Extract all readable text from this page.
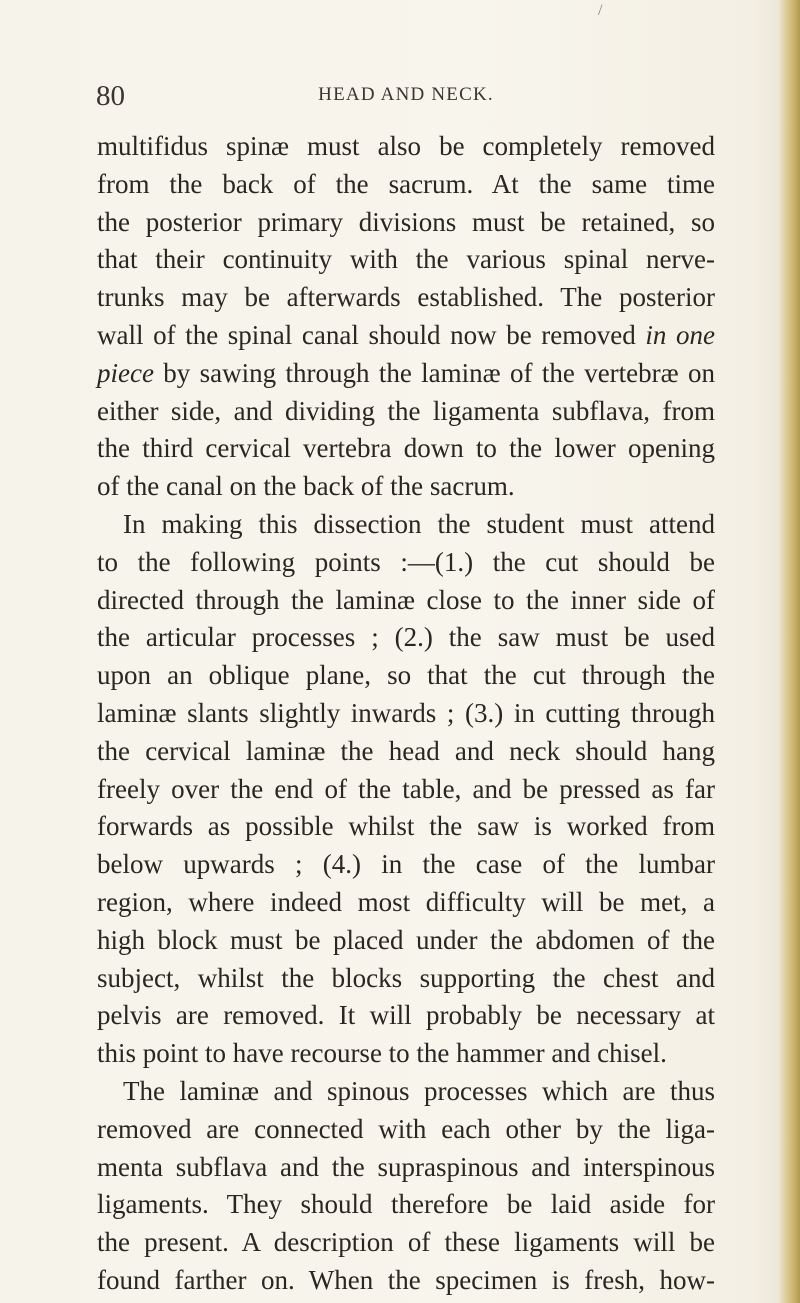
/
80	HEAD AND NECK.
multifidus spinæ must also be completely removed
from the back of the sacrum. At the same time
the posterior primary divisions must be retained, so
that their continuity with the various spinal nerve-
trunks may be afterwards established. The posterior
wall of the spinal canal should now be removed in one
piece by sawing through the laminæ of the vertebræ on
either side, and dividing the ligamenta subflava, from
the third cervical vertebra down to the lower opening
of the canal on the back of the sacrum.
In making this dissection the student must attend
to the following points :—(1.) the cut should be
directed through the laminæ close to the inner side of
the articular processes ; (2.) the saw must be used
upon an oblique plane, so that the cut through the
laminæ slants slightly inwards ; (3.) in cutting through
the cervical laminæ the head and neck should hang
freely over the end of the table, and be pressed as far
forwards as possible whilst the saw is worked from
below upwards ; (4.) in the case of the lumbar
region, where indeed most difficulty will be met, a
high block must be placed under the abdomen of the
subject, whilst the blocks supporting the chest and
pelvis are removed. It will probably be necessary at
this point to have recourse to the hammer and chisel.
The laminæ and spinous processes which are thus
removed are connected with each other by the liga-
menta subflava and the supraspinous and interspinous
ligaments. They should therefore be laid aside for
the present. A description of these ligaments will be
found farther on. When the specimen is fresh, how-
